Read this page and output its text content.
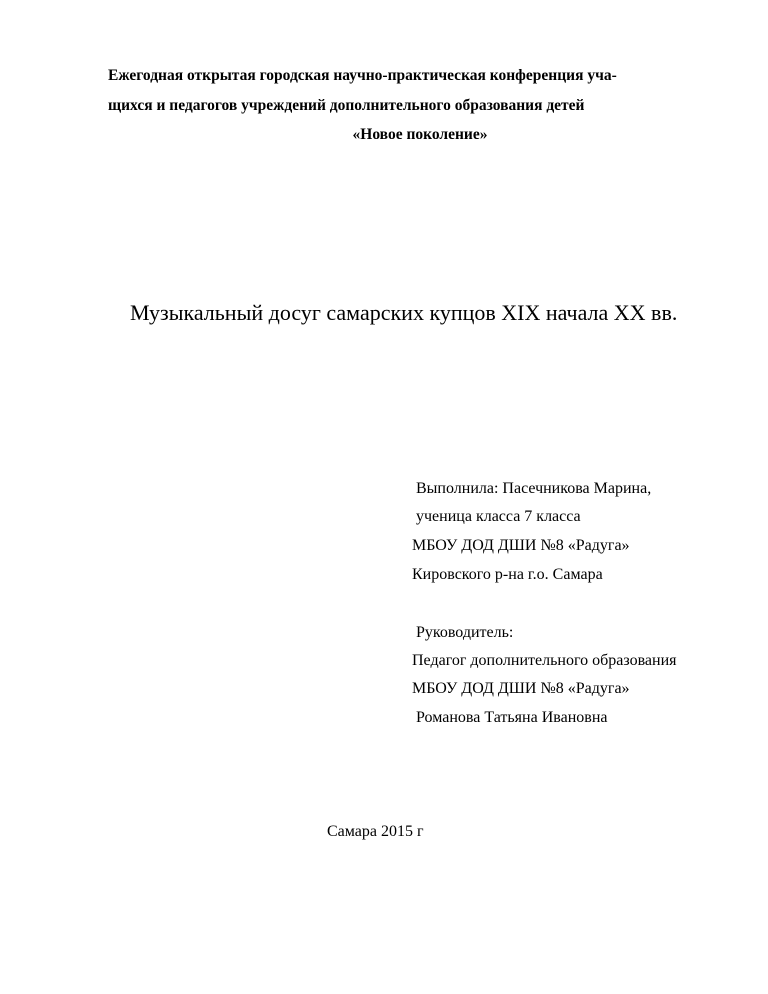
Ежегодная открытая городская научно-практическая конференция уча-

щихся и педагогов учреждений дополнительного образования детей

«Новое поколение»

Музыкальный досуг самарских купцов XIX начала XX вв.

Выполнила: Пасечникова Марина,

ученица класса 7 класса

МБОУ ДОД ДШИ №8 «Радуга»

Кировского р-на г.о. Самара

Руководитель:

Педагог дополнительного образования

МБОУ ДОД ДШИ №8 «Радуга»

Романова Татьяна Ивановна

Самара 2015 г
